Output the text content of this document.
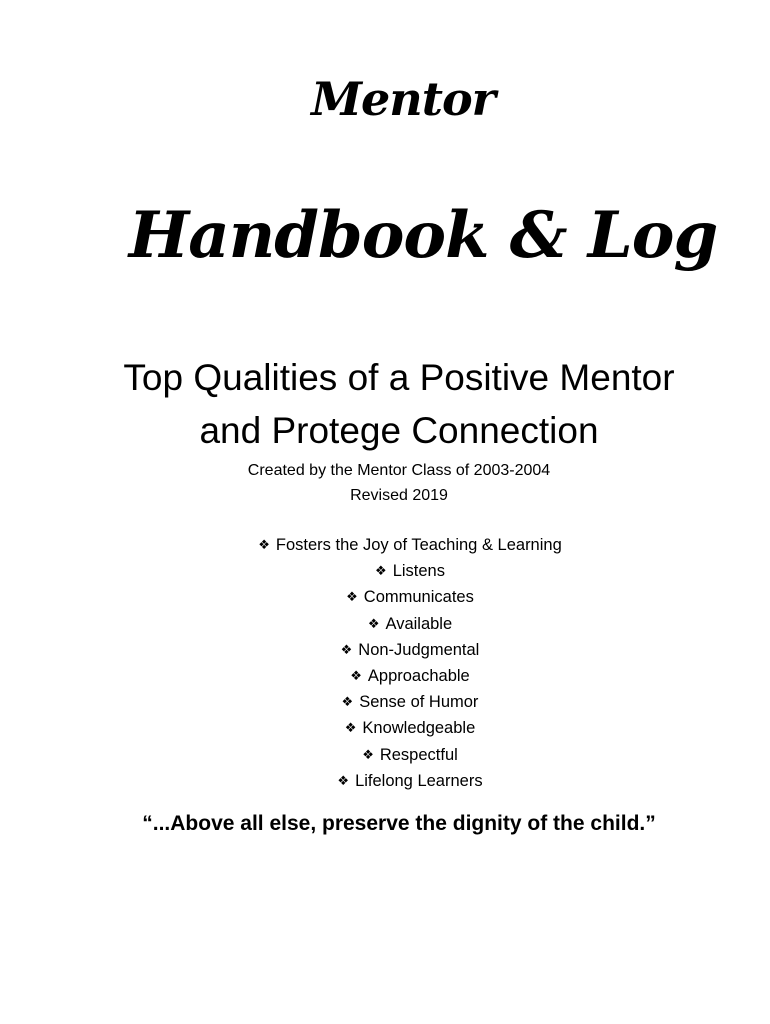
Mentor
Handbook & Log
Top Qualities of a Positive Mentor
and Protege Connection
Created by the Mentor Class of 2003-2004
Revised 2019
❖ Fosters the Joy of Teaching & Learning
❖ Listens
❖ Communicates
❖ Available
❖ Non-Judgmental
❖ Approachable
❖ Sense of Humor
❖ Knowledgeable
❖ Respectful
❖ Lifelong Learners
“...Above all else, preserve the dignity of the child.”
